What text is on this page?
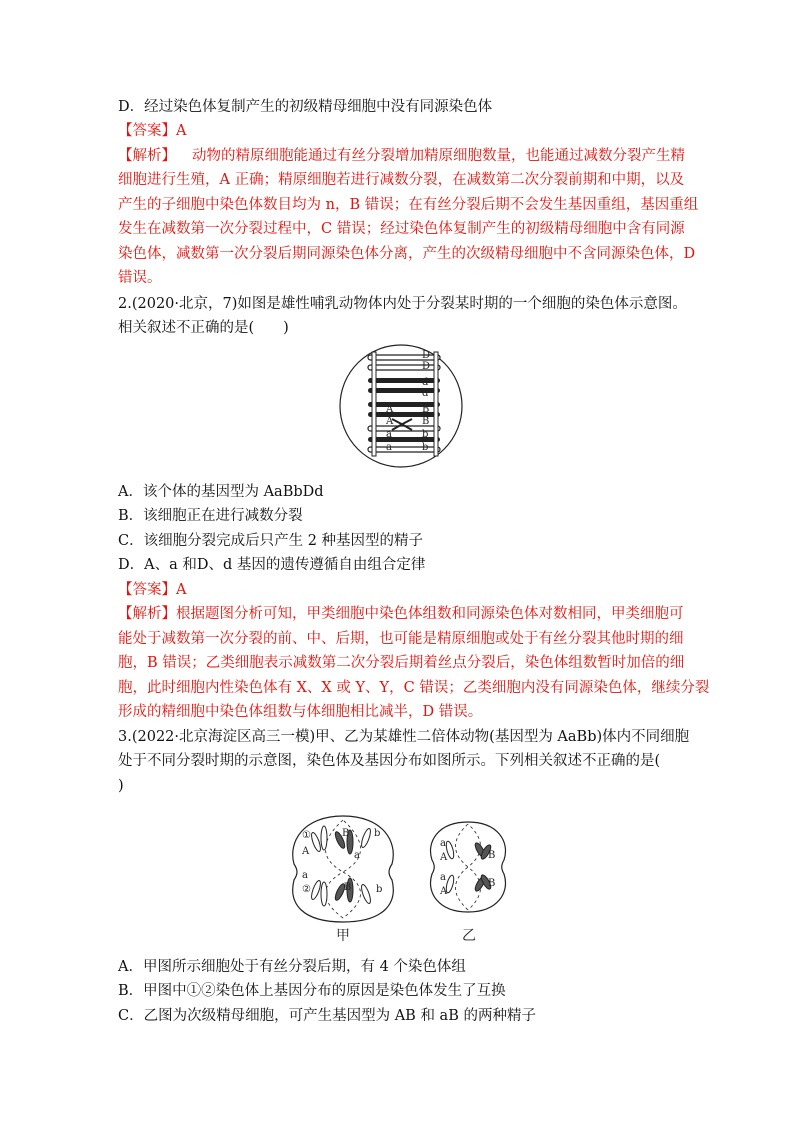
D．经过染色体复制产生的初级精母细胞中没有同源染色体
【答案】A
【解析】 动物的精原细胞能通过有丝分裂增加精原细胞数量，也能通过减数分裂产生精
细胞进行生殖，A 正确；精原细胞若进行减数分裂，在减数第二次分裂前期和中期，以及
产生的子细胞中染色体数目均为 n，B 错误；在有丝分裂后期不会发生基因重组，基因重组
发生在减数第一次分裂过程中，C 错误；经过染色体复制产生的初级精母细胞中含有同源
染色体，减数第一次分裂后期同源染色体分离，产生的次级精母细胞中不含同源染色体，D
错误。
2.(2020·北京，7)如图是雄性哺乳动物体内处于分裂某时期的一个细胞的染色体示意图。
相关叙述不正确的是(　　)
D
D
d
d
B
B
b
b
A
A
a
a
A．该个体的基因型为 AaBbDd
B．该细胞正在进行减数分裂
C．该细胞分裂完成后只产生 2 种基因型的精子
D．A、a 和D、d 基因的遗传遵循自由组合定律
【答案】A
【解析】根据题图分析可知，甲类细胞中染色体组数和同源染色体对数相同，甲类细胞可
能处于减数第一次分裂的前、中、后期，也可能是精原细胞或处于有丝分裂其他时期的细
胞，B 错误；乙类细胞表示减数第二次分裂后期着丝点分裂后，染色体组数暂时加倍的细
胞，此时细胞内性染色体有 X、X 或 Y、Y，C 错误；乙类细胞内没有同源染色体，继续分裂
形成的精细胞中染色体组数与体细胞相比减半，D 错误。
3.(2022·北京海淀区高三一模)甲、乙为某雄性二倍体动物(基因型为 AaBb)体内不同细胞
处于不同分裂时期的示意图，染色体及基因分布如图所示。下列相关叙述不正确的是(
)
①
A
B
a
b
a
②	B b
甲
a
A	B
a
A
B
乙
A．甲图所示细胞处于有丝分裂后期，有 4 个染色体组
B．甲图中①②染色体上基因分布的原因是染色体发生了互换
C．乙图为次级精母细胞，可产生基因型为 AB 和 aB 的两种精子
